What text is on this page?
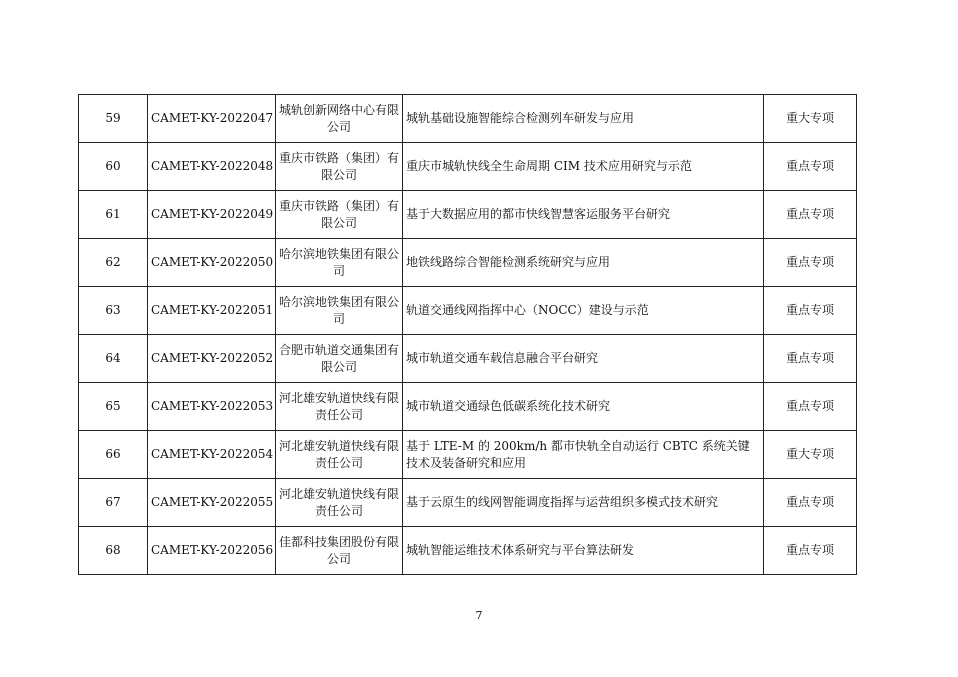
59	CAMET-KY-2022047	城轨创新网络中心有限公司	城轨基础设施智能综合检测列车研发与应用	重大专项
60	CAMET-KY-2022048	重庆市铁路（集团）有限公司	重庆市城轨快线全生命周期 CIM 技术应用研究与示范	重点专项
61	CAMET-KY-2022049	重庆市铁路（集团）有限公司	基于大数据应用的都市快线智慧客运服务平台研究	重点专项
62	CAMET-KY-2022050	哈尔滨地铁集团有限公司	地铁线路综合智能检测系统研究与应用	重点专项
63	CAMET-KY-2022051	哈尔滨地铁集团有限公司	轨道交通线网指挥中心（NOCC）建设与示范	重点专项
64	CAMET-KY-2022052	合肥市轨道交通集团有限公司	城市轨道交通车载信息融合平台研究	重点专项
65	CAMET-KY-2022053	河北雄安轨道快线有限责任公司	城市轨道交通绿色低碳系统化技术研究	重点专项
66	CAMET-KY-2022054	河北雄安轨道快线有限责任公司	基于 LTE-M 的 200km/h 都市快轨全自动运行 CBTC 系统关键技术及装备研究和应用	重大专项
67	CAMET-KY-2022055	河北雄安轨道快线有限责任公司	基于云原生的线网智能调度指挥与运营组织多模式技术研究	重点专项
68	CAMET-KY-2022056	佳都科技集团股份有限公司	城轨智能运维技术体系研究与平台算法研发	重点专项
7
